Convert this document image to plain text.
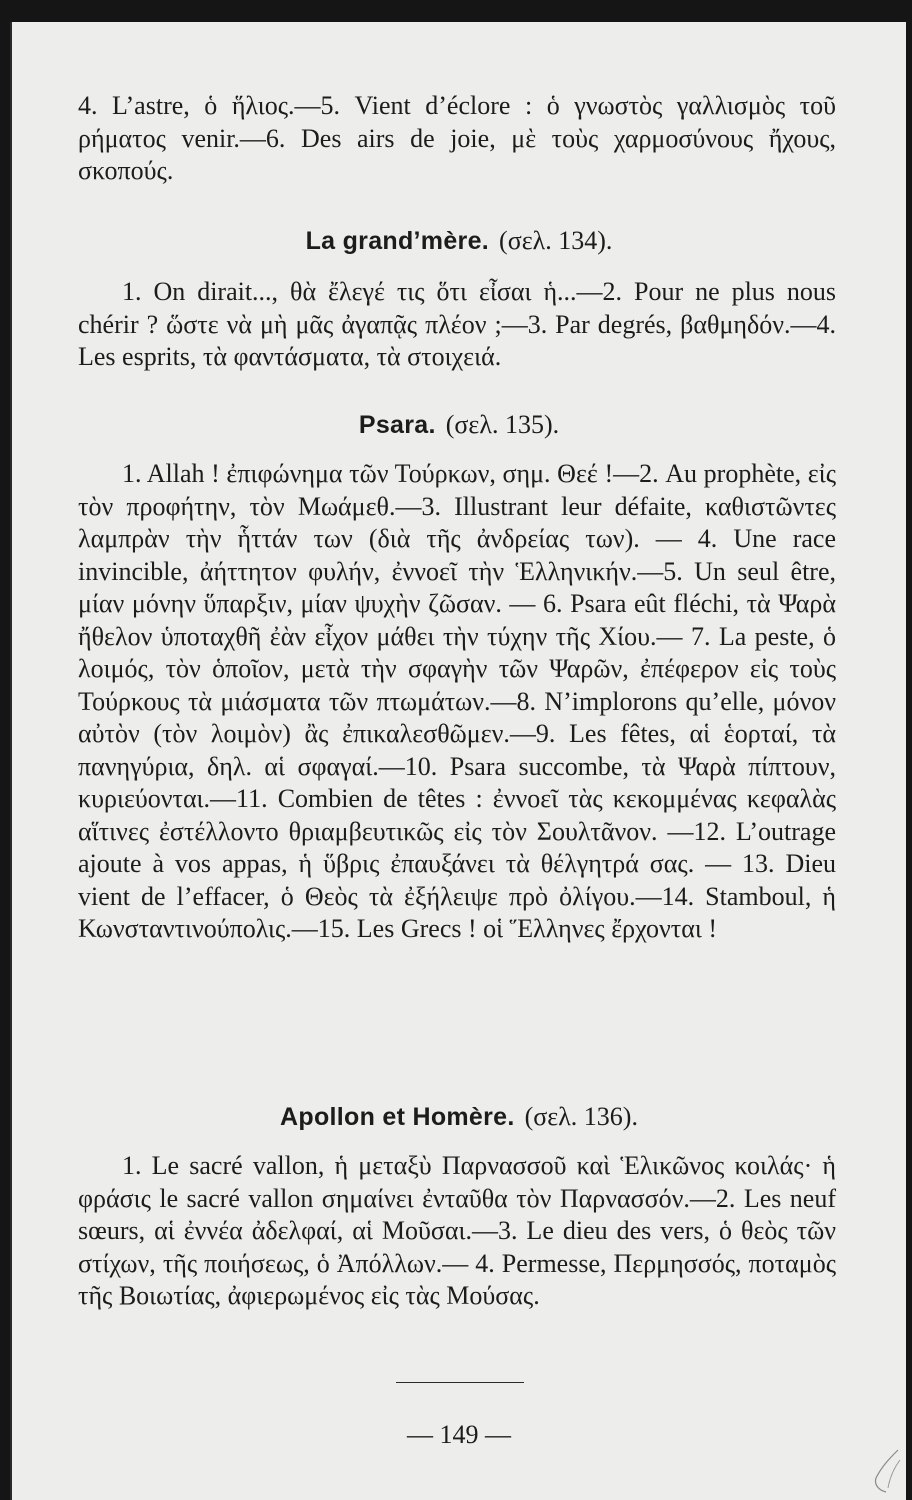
4. L’astre, ὁ ἥλιος.—5. Vient d’éclore : ὁ γνωστὸς γαλλισμὸς τοῦ ρήματος venir.—6. Des airs de joie, μὲ τοὺς χαρμοσύνους ἤχους, σκοπούς.
La grand’mère. (σελ. 134).
1. On dirait..., θὰ ἔλεγέ τις ὅτι εἶσαι ἡ...—2. Pour ne plus nous chérir ? ὥστε νὰ μὴ μᾶς ἀγαπᾷς πλέον ;—3. Par degrés, βαθμηδόν.—4. Les esprits, τὰ φαντάσματα, τὰ στοιχειά.
Psara. (σελ. 135).
1. Allah ! ἐπιφώνημα τῶν Τούρκων, σημ. Θεέ !—2. Au prophète, εἰς τὸν προφήτην, τὸν Μωάμεθ.—3. Illustrant leur défaite, καθιστῶντες λαμπρὰν τὴν ἧττάν των (διὰ τῆς ἀνδρείας των). — 4. Une race invincible, ἀήττητον φυλήν, ἐννοεῖ τὴν Ἑλληνικήν.—5. Un seul être, μίαν μόνην ὕπαρξιν, μίαν ψυχὴν ζῶσαν. — 6. Psara eût fléchi, τὰ Ψαρὰ ἤθελον ὑποταχθῆ ἐὰν εἶχον μάθει τὴν τύχην τῆς Χίου.— 7. La peste, ὁ λοιμός, τὸν ὁποῖον, μετὰ τὴν σφαγὴν τῶν Ψαρῶν, ἐπέφερον εἰς τοὺς Τούρκους τὰ μιάσματα τῶν πτωμάτων.—8. N’implorons qu’elle, μόνον αὐτὸν (τὸν λοιμὸν) ἂς ἐπικαλεσθῶμεν.—9. Les fêtes, αἱ ἑορταί, τὰ πανηγύρια, δηλ. αἱ σφαγαί.—10. Psara succombe, τὰ Ψαρὰ πίπτουν, κυριεύονται.—11. Combien de têtes : ἐννοεῖ τὰς κεκομμένας κεφαλὰς αἵτινες ἐστέλλοντο θριαμβευτικῶς εἰς τὸν Σουλτᾶνον. —12. L’outrage ajoute à vos appas, ἡ ὕβρις ἐπαυξάνει τὰ θέλγητρά σας. — 13. Dieu vient de l’effacer, ὁ Θεὸς τὰ ἐξήλειψε πρὸ ὀλίγου.—14. Stamboul, ἡ Κωνσταντινούπολις.—15. Les Grecs ! οἱ Ἕλληνες ἔρχονται !
Apollon et Homère. (σελ. 136).
1. Le sacré vallon, ἡ μεταξὺ Παρνασσοῦ καὶ Ἑλικῶνος κοιλάς· ἡ φράσις le sacré vallon σημαίνει ἐνταῦθα τὸν Παρνασσόν.—2. Les neuf sœurs, αἱ ἐννέα ἀδελφαί, αἱ Μοῦσαι.—3. Le dieu des vers, ὁ θεὸς τῶν στίχων, τῆς ποιήσεως, ὁ Ἀπόλλων.— 4. Permesse, Περμησσός, ποταμὸς τῆς Βοιωτίας, ἀφιερωμένος εἰς τὰς Μούσας.
— 149 —
